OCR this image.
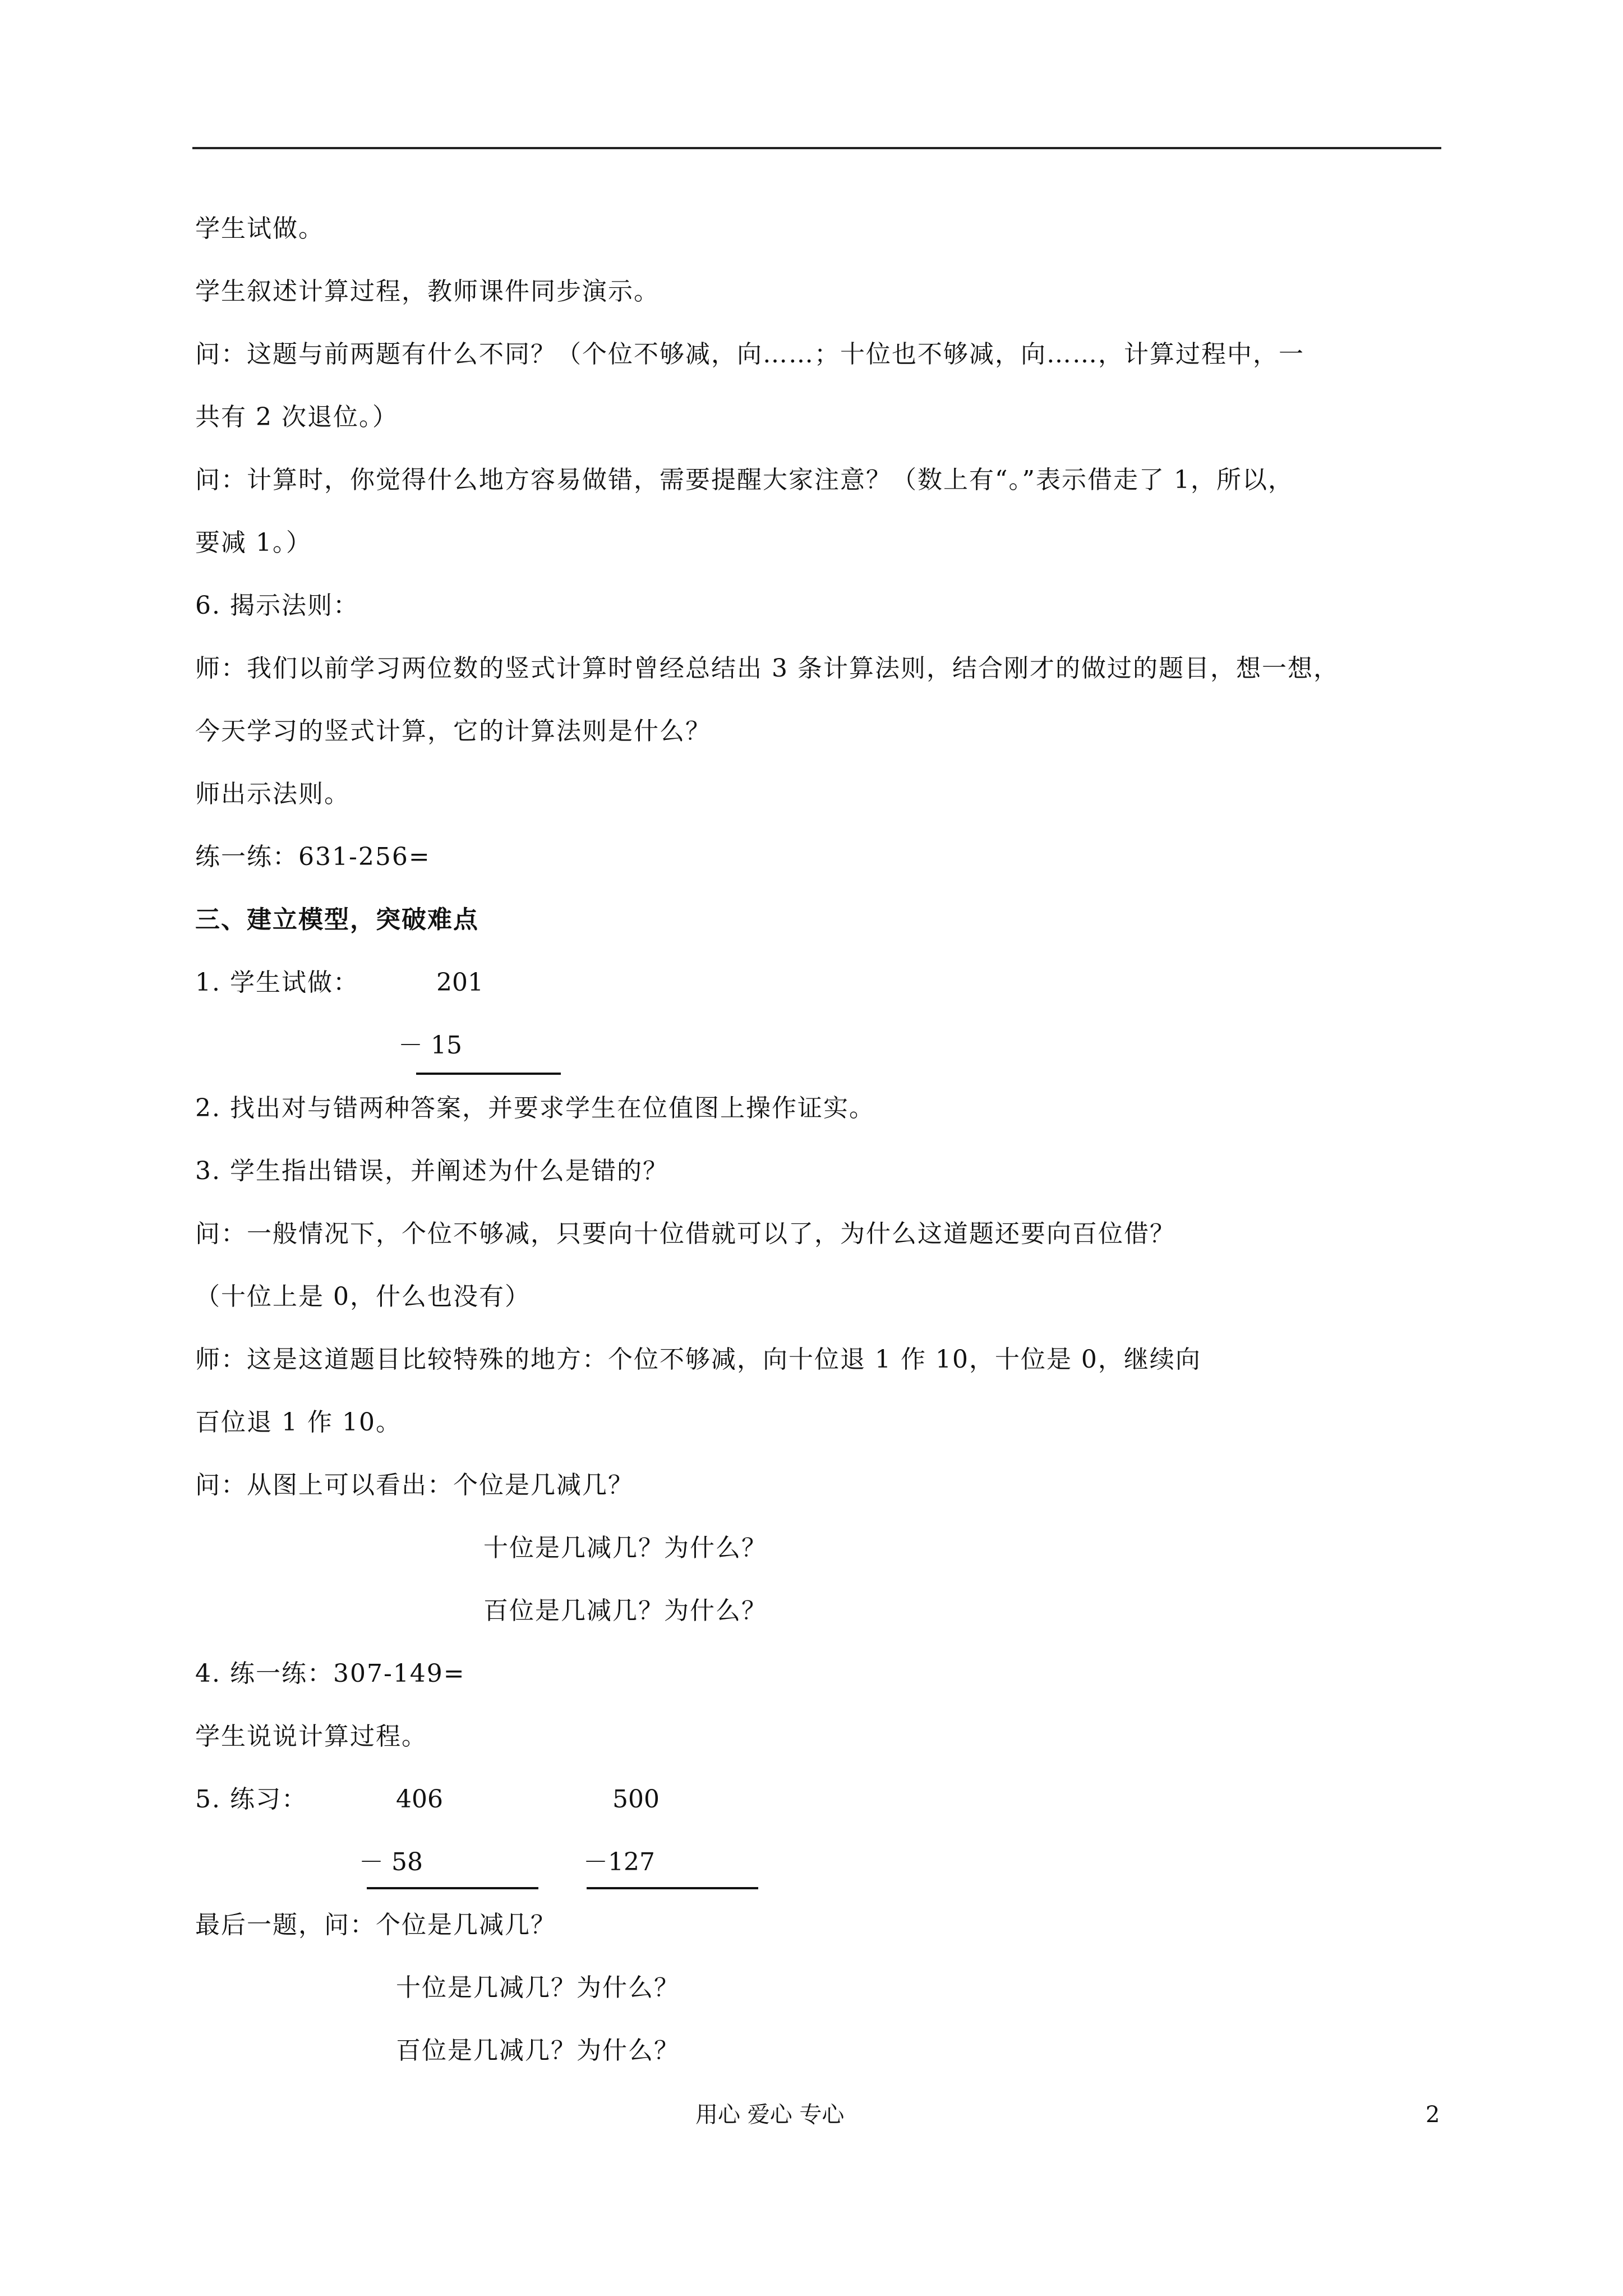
学生试做。
学生叙述计算过程，教师课件同步演示。
问：这题与前两题有什么不同？（个位不够减，向……；十位也不够减，向……，计算过程中，一
共有 2 次退位。）
问：计算时，你觉得什么地方容易做错，需要提醒大家注意？（数上有“。”表示借走了 1，所以，
要减 1。）
6. 揭示法则：
师：我们以前学习两位数的竖式计算时曾经总结出 3 条计算法则，结合刚才的做过的题目，想一想，
今天学习的竖式计算，它的计算法则是什么？
师出示法则。
练一练：631-256=
三、建立模型，突破难点
1. 学生试做：	201
－ 15
2. 找出对与错两种答案，并要求学生在位值图上操作证实。
3. 学生指出错误，并阐述为什么是错的？
问：一般情况下，个位不够减，只要向十位借就可以了，为什么这道题还要向百位借？
（十位上是 0，什么也没有）
师：这是这道题目比较特殊的地方：个位不够减，向十位退 1 作 10，十位是 0，继续向
百位退 1 作 10。
问：从图上可以看出：个位是几减几？
十位是几减几？为什么？
百位是几减几？为什么？
4. 练一练：307-149=
学生说说计算过程。
5. 练习：	406	500
－ 58	－127
最后一题，问：个位是几减几？
十位是几减几？为什么？
百位是几减几？为什么？
用心 爱心 专心	2
